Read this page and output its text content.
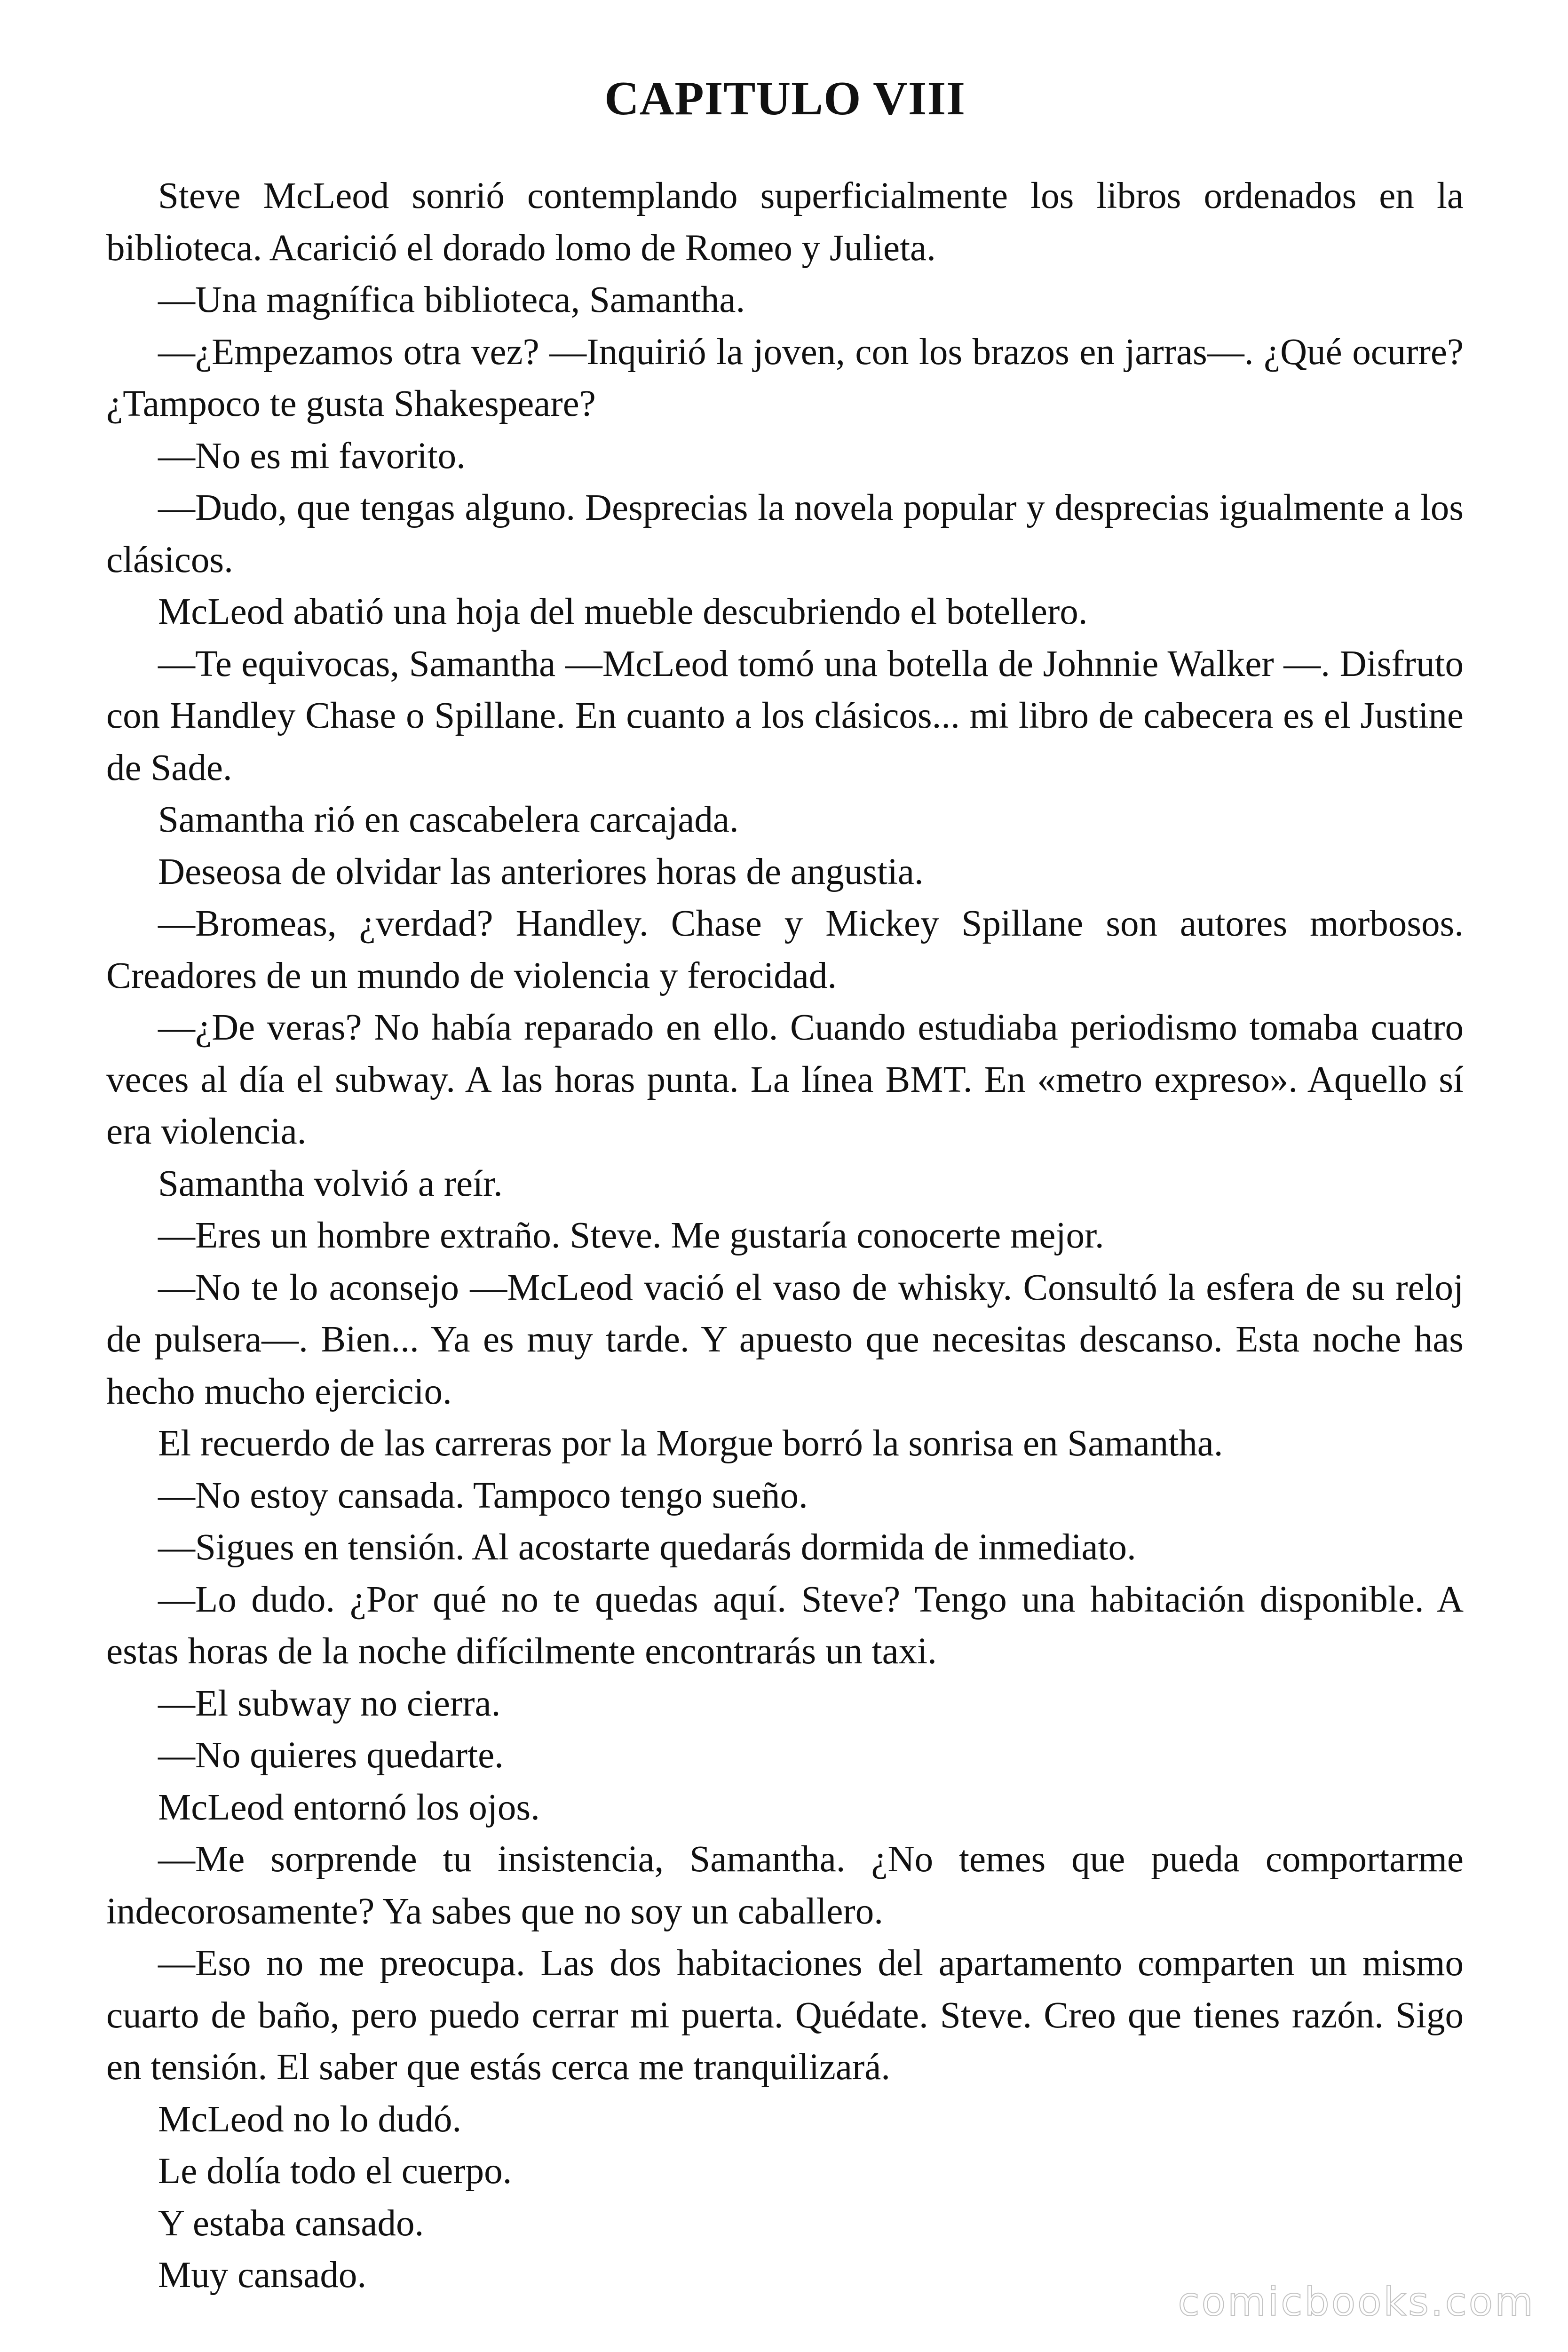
CAPITULO VIII

Steve McLeod sonrió contemplando superficialmente los libros ordenados en la biblioteca. Acarició el dorado lomo de Romeo y Julieta.

—Una magnífica biblioteca, Samantha.

—¿Empezamos otra vez? —Inquirió la joven, con los brazos en jarras—. ¿Qué ocurre? ¿Tampoco te gusta Shakespeare?

—No es mi favorito.

—Dudo, que tengas alguno. Desprecias la novela popular y desprecias igualmente a los clásicos.

McLeod abatió una hoja del mueble descubriendo el botellero.

—Te equivocas, Samantha —McLeod tomó una botella de Johnnie Walker —. Disfruto con Handley Chase o Spillane. En cuanto a los clásicos... mi libro de cabecera es el Justine de Sade.

Samantha rió en cascabelera carcajada.

Deseosa de olvidar las anteriores horas de angustia.

—Bromeas, ¿verdad? Handley. Chase y Mickey Spillane son autores morbosos. Creadores de un mundo de violencia y ferocidad.

—¿De veras? No había reparado en ello. Cuando estudiaba periodismo tomaba cuatro veces al día el subway. A las horas punta. La línea BMT. En «metro expreso». Aquello sí era violencia.

Samantha volvió a reír.

—Eres un hombre extraño. Steve. Me gustaría conocerte mejor.

—No te lo aconsejo —McLeod vació el vaso de whisky. Consultó la esfera de su reloj de pulsera—. Bien... Ya es muy tarde. Y apuesto que necesitas descanso. Esta noche has hecho mucho ejercicio.

El recuerdo de las carreras por la Morgue borró la sonrisa en Samantha.

—No estoy cansada. Tampoco tengo sueño.

—Sigues en tensión. Al acostarte quedarás dormida de inmediato.

—Lo dudo. ¿Por qué no te quedas aquí. Steve? Tengo una habitación disponible. A estas horas de la noche difícilmente encontrarás un taxi.

—El subway no cierra.

—No quieres quedarte.

McLeod entornó los ojos.

—Me sorprende tu insistencia, Samantha. ¿No temes que pueda comportarme indecorosamente? Ya sabes que no soy un caballero.

—Eso no me preocupa. Las dos habitaciones del apartamento comparten un mismo cuarto de baño, pero puedo cerrar mi puerta. Quédate. Steve. Creo que tienes razón. Sigo en tensión. El saber que estás cerca me tranquilizará.

McLeod no lo dudó.

Le dolía todo el cuerpo.

Y estaba cansado.

Muy cansado.

comicbooks.com
